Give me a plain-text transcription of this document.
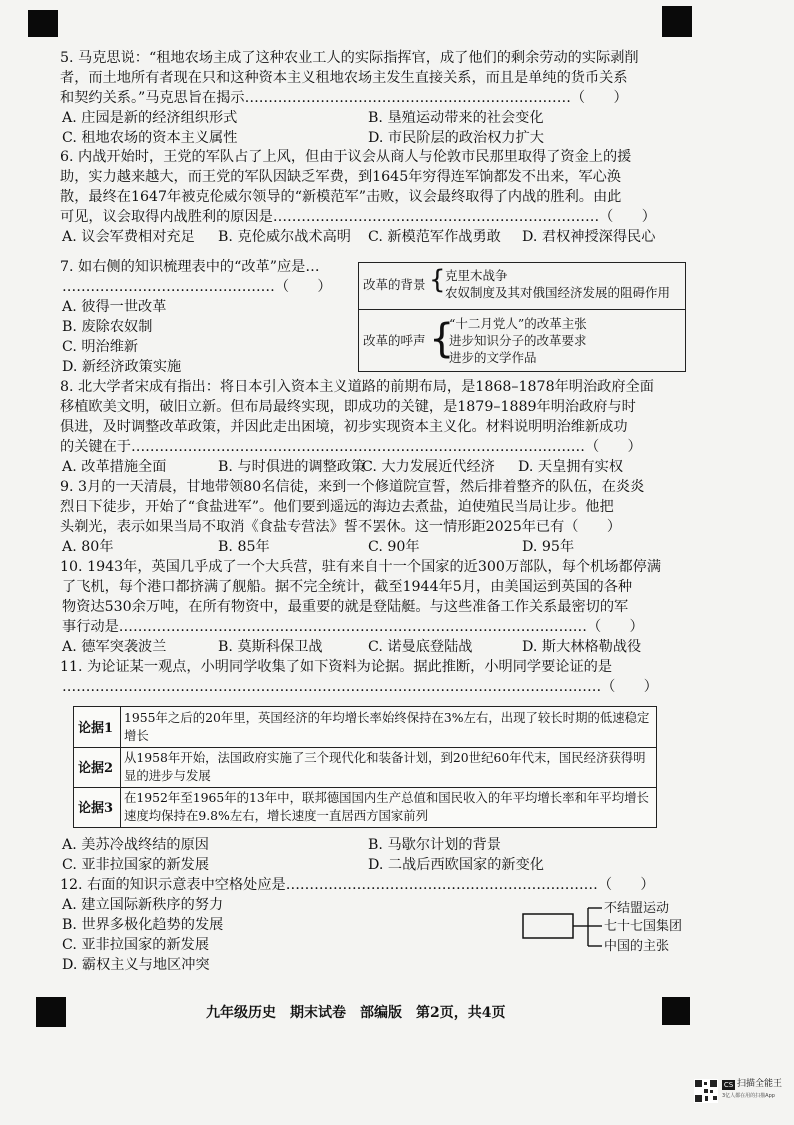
5. 马克思说：“租地农场主成了这种农业工人的实际指挥官，成了他们的剩余劳动的实际剥削
者，而土地所有者现在只和这种资本主义租地农场主发生直接关系，而且是单纯的货币关系
和契约关系。”马克思旨在揭示……………………………………………………………（　　）
A. 庄园是新的经济组织形式	B. 垦殖运动带来的社会变化
C. 租地农场的资本主义属性	D. 市民阶层的政治权力扩大
6. 内战开始时，王党的军队占了上风，但由于议会从商人与伦敦市民那里取得了资金上的援
助，实力越来越大，而王党的军队因缺乏军费，到1645年穷得连军饷都发不出来，军心涣
散，最终在1647年被克伦威尔领导的“新模范军”击败，议会最终取得了内战的胜利。由此
可见，议会取得内战胜利的原因是……………………………………………………………（　　）
A. 议会军费相对充足 B. 克伦威尔战术高明 C. 新模范军作战勇敢 D. 君权神授深得民心
7. 如右侧的知识梳理表中的“改革”应是…
………………………………………（　　）
A. 彼得一世改革
B. 废除农奴制
C. 明治维新
D. 新经济政策实施
改革的背景 { 克里木战争
农奴制度及其对俄国经济发展的阻碍作用
改革的呼声 {
“十二月党人”的改革主张
进步知识分子的改革要求
进步的文学作品
8. 北大学者宋成有指出：将日本引入资本主义道路的前期布局，是1868–1878年明治政府全面
移植欧美文明，破旧立新。但布局最终实现，即成功的关键，是1879–1889年明治政府与时
俱进，及时调整改革政策，并因此走出困境，初步实现资本主义化。材料说明明治维新成功
的关键在于……………………………………………………………………………………（　　）
A. 改革措施全面	B. 与时俱进的调整政策
C. 大力发展近代经济 D. 天皇拥有实权
9. 3月的一天清晨，甘地带领80名信徒，来到一个修道院宣誓，然后排着整齐的队伍，在炎炎
烈日下徒步，开始了“食盐进军”。他们要到遥远的海边去煮盐，迫使殖民当局让步。他把
头剃光，表示如果当局不取消《食盐专营法》誓不罢休。这一情形距2025年已有（　　）
A. 80年	B. 85年	C. 90年	D. 95年
10. 1943年，英国几乎成了一个大兵营，驻有来自十一个国家的近300万部队，每个机场都停满
了飞机，每个港口都挤满了舰船。据不完全统计，截至1944年5月，由美国运到英国的各种
物资达530余万吨，在所有物资中，最重要的就是登陆艇。与这些准备工作关系最密切的军
事行动是………………………………………………………………………………………（　　）
A. 德军突袭波兰	B. 莫斯科保卫战	C. 诺曼底登陆战	D. 斯大林格勒战役
11. 为论证某一观点，小明同学收集了如下资料为论据。据此推断，小明同学要论证的是
……………………………………………………………………………………………………（　　）
论据1
1955年之后的20年里，英国经济的年均增长率始终保持在3%左右，出现了较长时期的低速稳定增长
论据2
从1958年开始，法国政府实施了三个现代化和装备计划，到20世纪60年代末，国民经济获得明显的进步与发展
论据3
在1952年至1965年的13年中，联邦德国国内生产总值和国民收入的年平均增长率和年平均增长速度均保持在9.8%左右，增长速度一直居西方国家前列
A. 美苏冷战终结的原因	B. 马歇尔计划的背景
C. 亚非拉国家的新发展	D. 二战后西欧国家的新变化
12. 右面的知识示意表中空格处应是…………………………………………………………（　　）
A. 建立国际新秩序的努力
B. 世界多极化趋势的发展
C. 亚非拉国家的新发展
D. 霸权主义与地区冲突
不结盟运动
七十七国集团
中国的主张
九年级历史　期末试卷　部编版　第2页，共4页
CS 扫描全能王
3亿人都在用的扫描App
